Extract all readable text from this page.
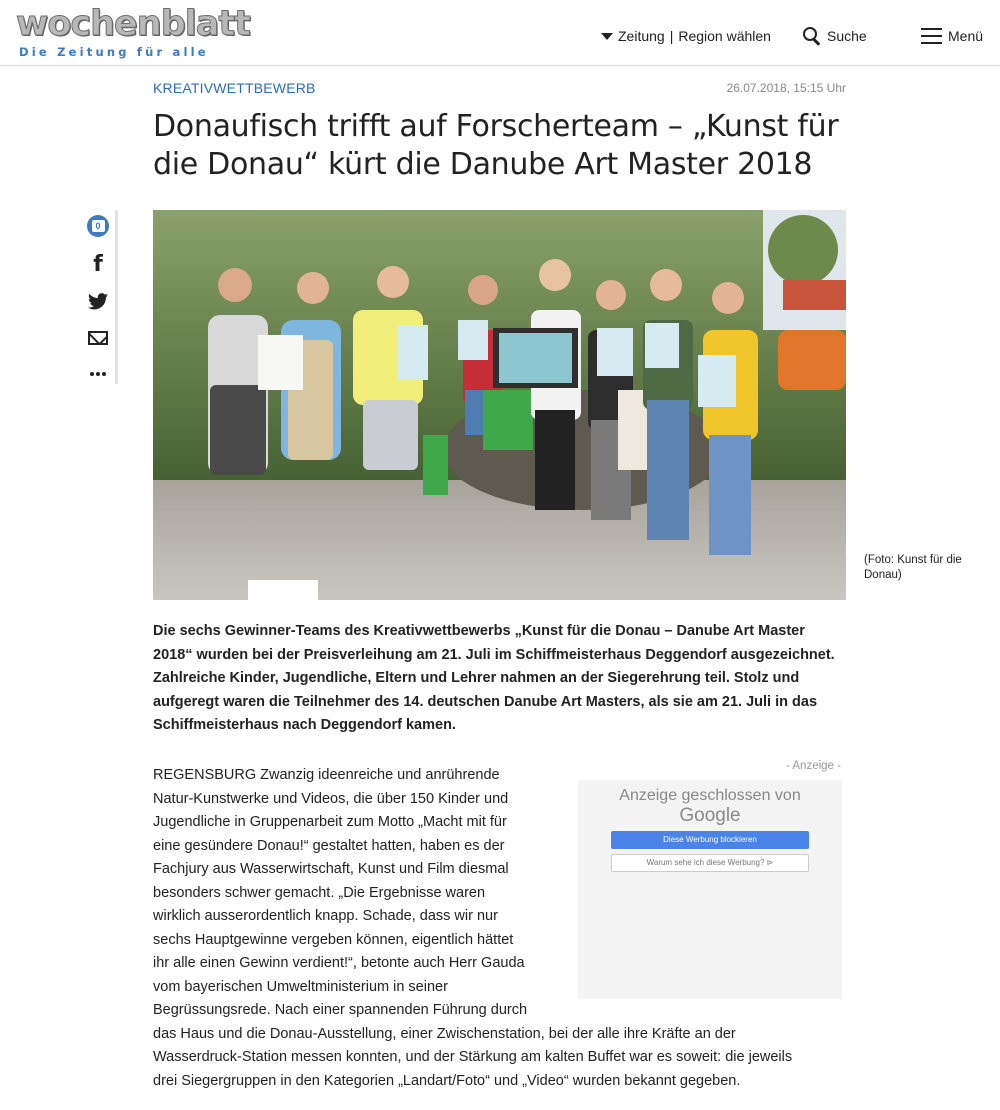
wochenblatt
Die Zeitung für alle
Zeitung | Region wählen	Suche	Menü
KREATIVWETTBEWERB	26.07.2018, 15:15 Uhr
Donaufisch trifft auf Forscherteam – „Kunst für
die Donau“ kürt die Danube Art Master 2018
0
f
(Foto: Kunst für die Donau)

Die sechs Gewinner-Teams des Kreativwettbewerbs „Kunst für die Donau – Danube Art Master 2018“ wurden bei der Preisverleihung am 21. Juli im Schiffmeisterhaus Deggendorf ausgezeichnet. Zahlreiche Kinder, Jugendliche, Eltern und Lehrer nahmen an der Siegerehrung teil. Stolz und aufgeregt waren die Teilnehmer des 14. deutschen Danube Art Masters, als sie am 21. Juli in das Schiffmeisterhaus nach Deggendorf kamen.

- Anzeige -
Anzeige geschlossen von
Google
Diese Werbung blockieren
Warum sehe ich diese Werbung? ⊳
REGENSBURG Zwanzig ideenreiche und anrührende
Natur-Kunstwerke und Videos, die über 150 Kinder und
Jugendliche in Gruppenarbeit zum Motto „Macht mit für
eine gesündere Donau!“ gestaltet hatten, haben es der
Fachjury aus Wasserwirtschaft, Kunst und Film diesmal
besonders schwer gemacht. „Die Ergebnisse waren
wirklich ausserordentlich knapp. Schade, dass wir nur
sechs Hauptgewinne vergeben können, eigentlich hättet
ihr alle einen Gewinn verdient!“, betonte auch Herr Gauda
vom bayerischen Umweltministerium in seiner
Begrüssungsrede. Nach einer spannenden Führung durch
das Haus und die Donau-Ausstellung, einer Zwischenstation, bei der alle ihre Kräfte an der
Wasserdruck-Station messen konnten, und der Stärkung am kalten Buffet war es soweit: die jeweils
drei Siegergruppen in den Kategorien „Landart/Foto“ und „Video“ wurden bekannt gegeben.
